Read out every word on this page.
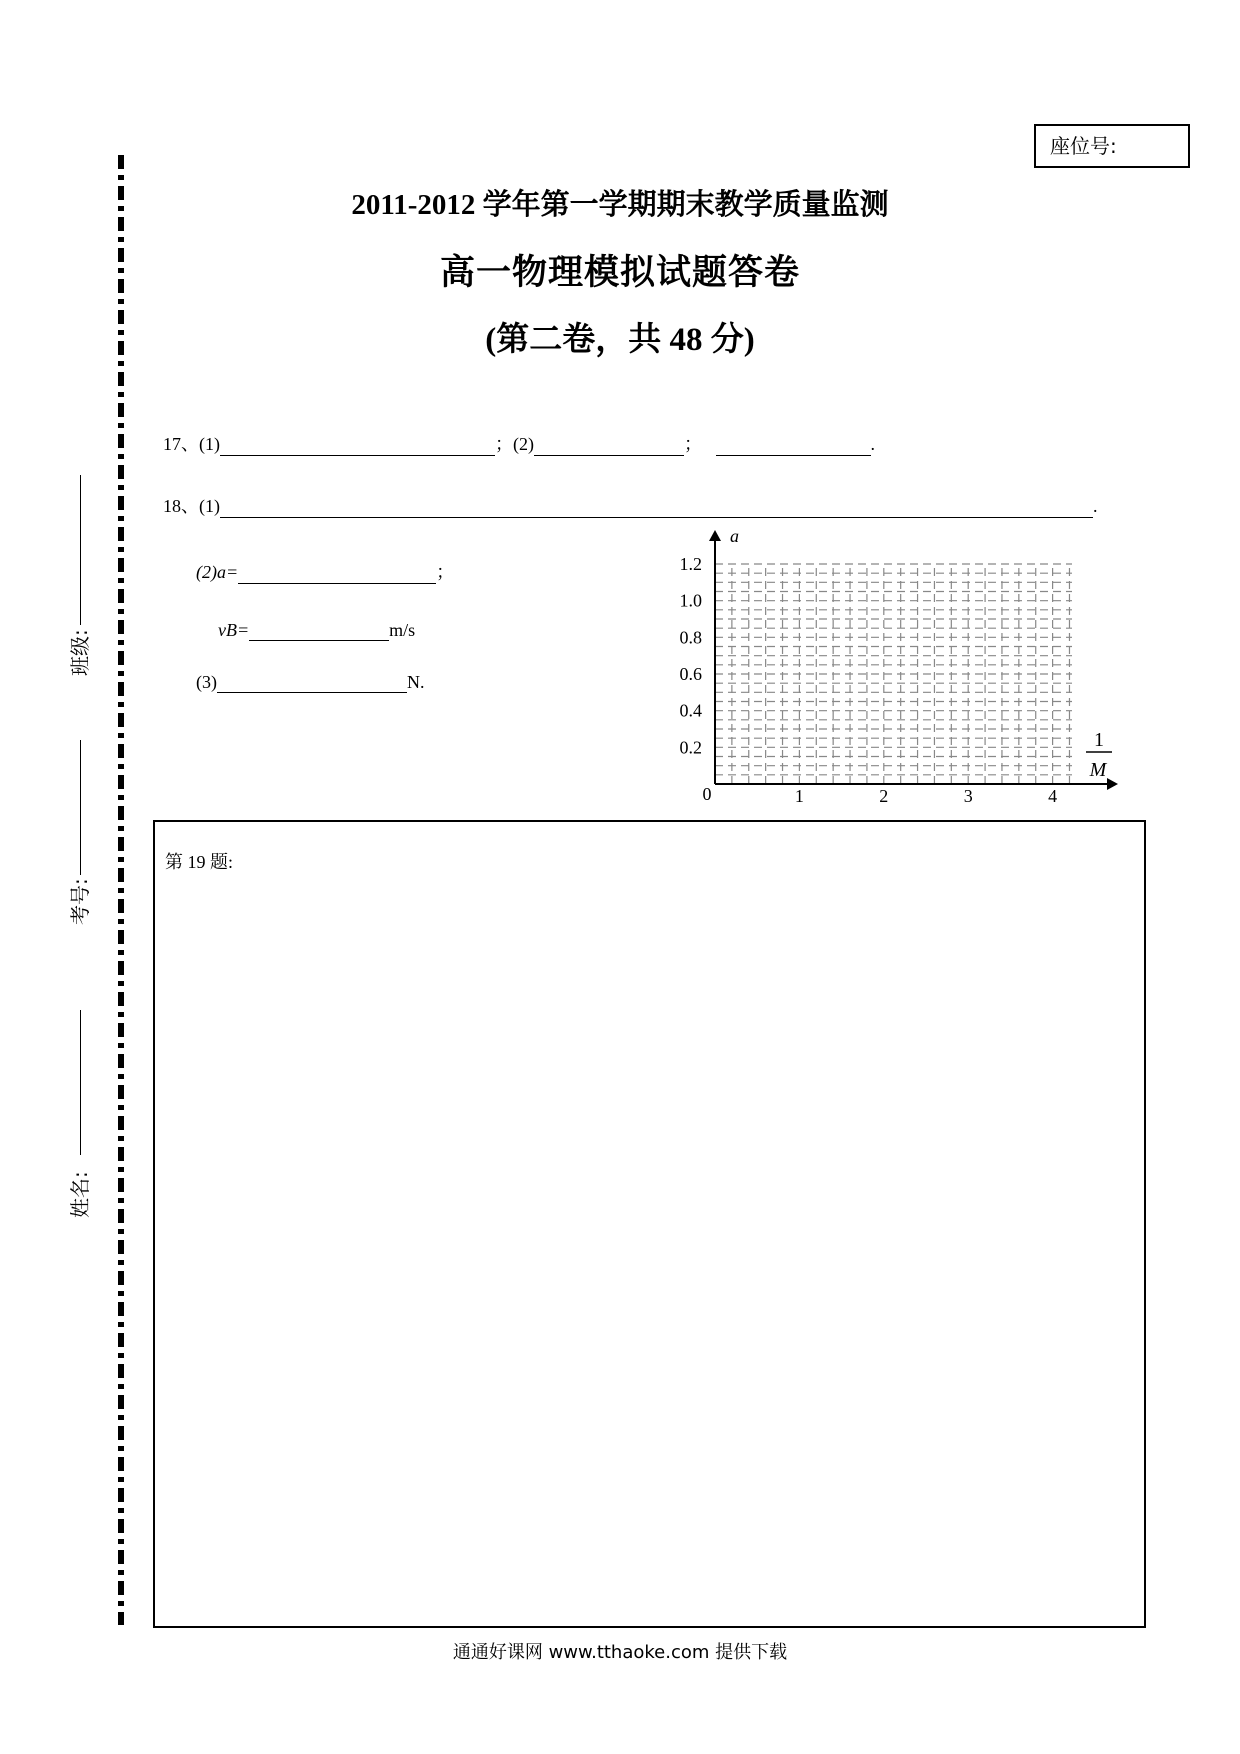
座位号:
班级:
考号:
姓名:
2011-2012 学年第一学期期末教学质量监测
高一物理模拟试题答卷
(第二卷，共 48 分)
17、(1)	；(2)	；	.
18、(1)	.
(2)a=	；
vB=	m/s
(3)	N.
1	2	3	4
0.2
0.4
0.6
0.8
1.0
1.2
0
a
1
M
第 19 题:
通通好课网 www.tthaoke.com 提供下载
